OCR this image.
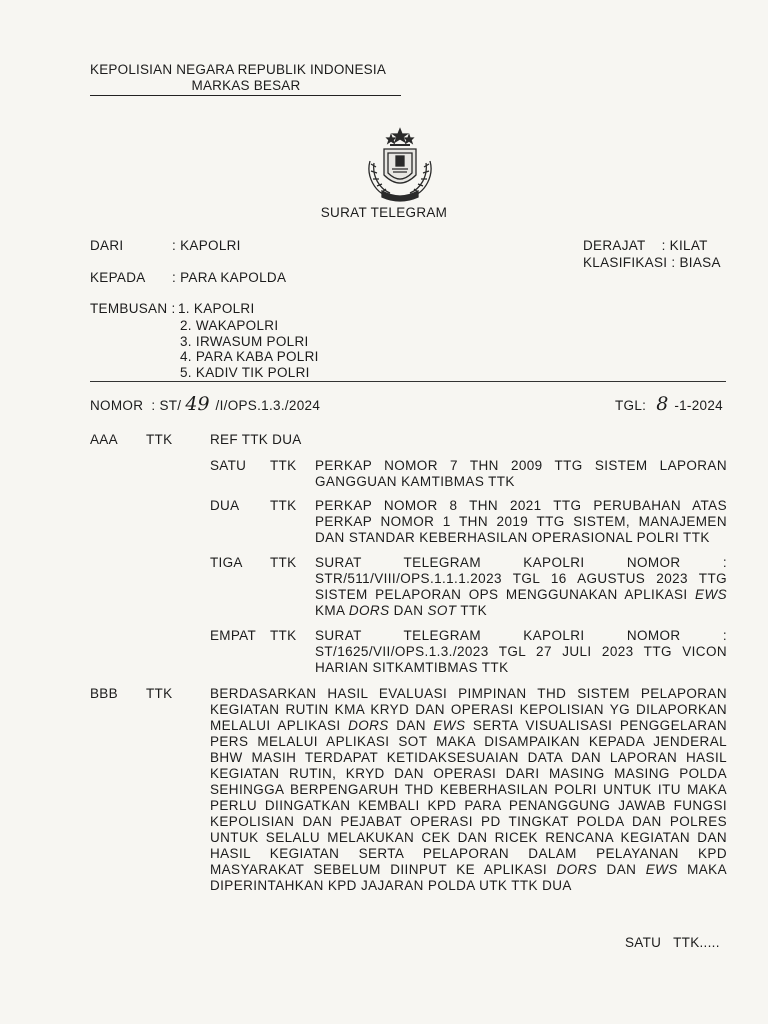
KEPOLISIAN NEGARA REPUBLIK INDONESIA
MARKAS BESAR
SURAT TELEGRAM
DARI	: KAPOLRI	DERAJAT    : KILAT
KLASIFIKASI : BIASA
KEPADA : PARA KAPOLDA
TEMBUSAN : 1. KAPOLRI
2. WAKAPOLRI
3. IRWASUM POLRI
4. PARA KABA POLRI
5. KADIV TIK POLRI
NOMOR  : ST/ 49 /I/OPS.1.3./2024	TGL: 8 -1-2024
AAA TTK	REF TTK DUA
SATU TTK PERKAP NOMOR 7 THN 2009 TTG SISTEM LAPORAN GANGGUAN KAMTIBMAS TTK
DUA TTK PERKAP NOMOR 8 THN 2021 TTG PERUBAHAN ATAS PERKAP NOMOR 1 THN 2019 TTG SISTEM, MANAJEMEN DAN STANDAR KEBERHASILAN OPERASIONAL POLRI TTK
TIGA TTK SURAT TELEGRAM KAPOLRI NOMOR : STR/511/VIII/OPS.1.1.1.2023 TGL 16 AGUSTUS 2023 TTG SISTEM PELAPORAN OPS MENGGUNAKAN APLIKASI EWS KMA DORS DAN SOT TTK
EMPAT TTK SURAT TELEGRAM KAPOLRI NOMOR : ST/1625/VII/OPS.1.3./2023 TGL 27 JULI 2023 TTG VICON HARIAN SITKAMTIBMAS TTK
BBB TTK	BERDASARKAN HASIL EVALUASI PIMPINAN THD SISTEM PELAPORAN KEGIATAN RUTIN KMA KRYD DAN OPERASI KEPOLISIAN YG DILAPORKAN MELALUI APLIKASI DORS DAN EWS SERTA VISUALISASI PENGGELARAN PERS MELALUI APLIKASI SOT MAKA DISAMPAIKAN KEPADA JENDERAL BHW MASIH TERDAPAT KETIDAKSESUAIAN DATA DAN LAPORAN HASIL KEGIATAN RUTIN, KRYD DAN OPERASI DARI MASING MASING POLDA SEHINGGA BERPENGARUH THD KEBERHASILAN POLRI UNTUK ITU MAKA PERLU DIINGATKAN KEMBALI KPD PARA PENANGGUNG JAWAB FUNGSI KEPOLISIAN DAN PEJABAT OPERASI PD TINGKAT POLDA DAN POLRES UNTUK SELALU MELAKUKAN CEK DAN RICEK RENCANA KEGIATAN DAN HASIL KEGIATAN SERTA PELAPORAN DALAM PELAYANAN KPD MASYARAKAT SEBELUM DIINPUT KE APLIKASI DORS DAN EWS MAKA DIPERINTAHKAN KPD JAJARAN POLDA UTK TTK DUA
SATU   TTK.....
